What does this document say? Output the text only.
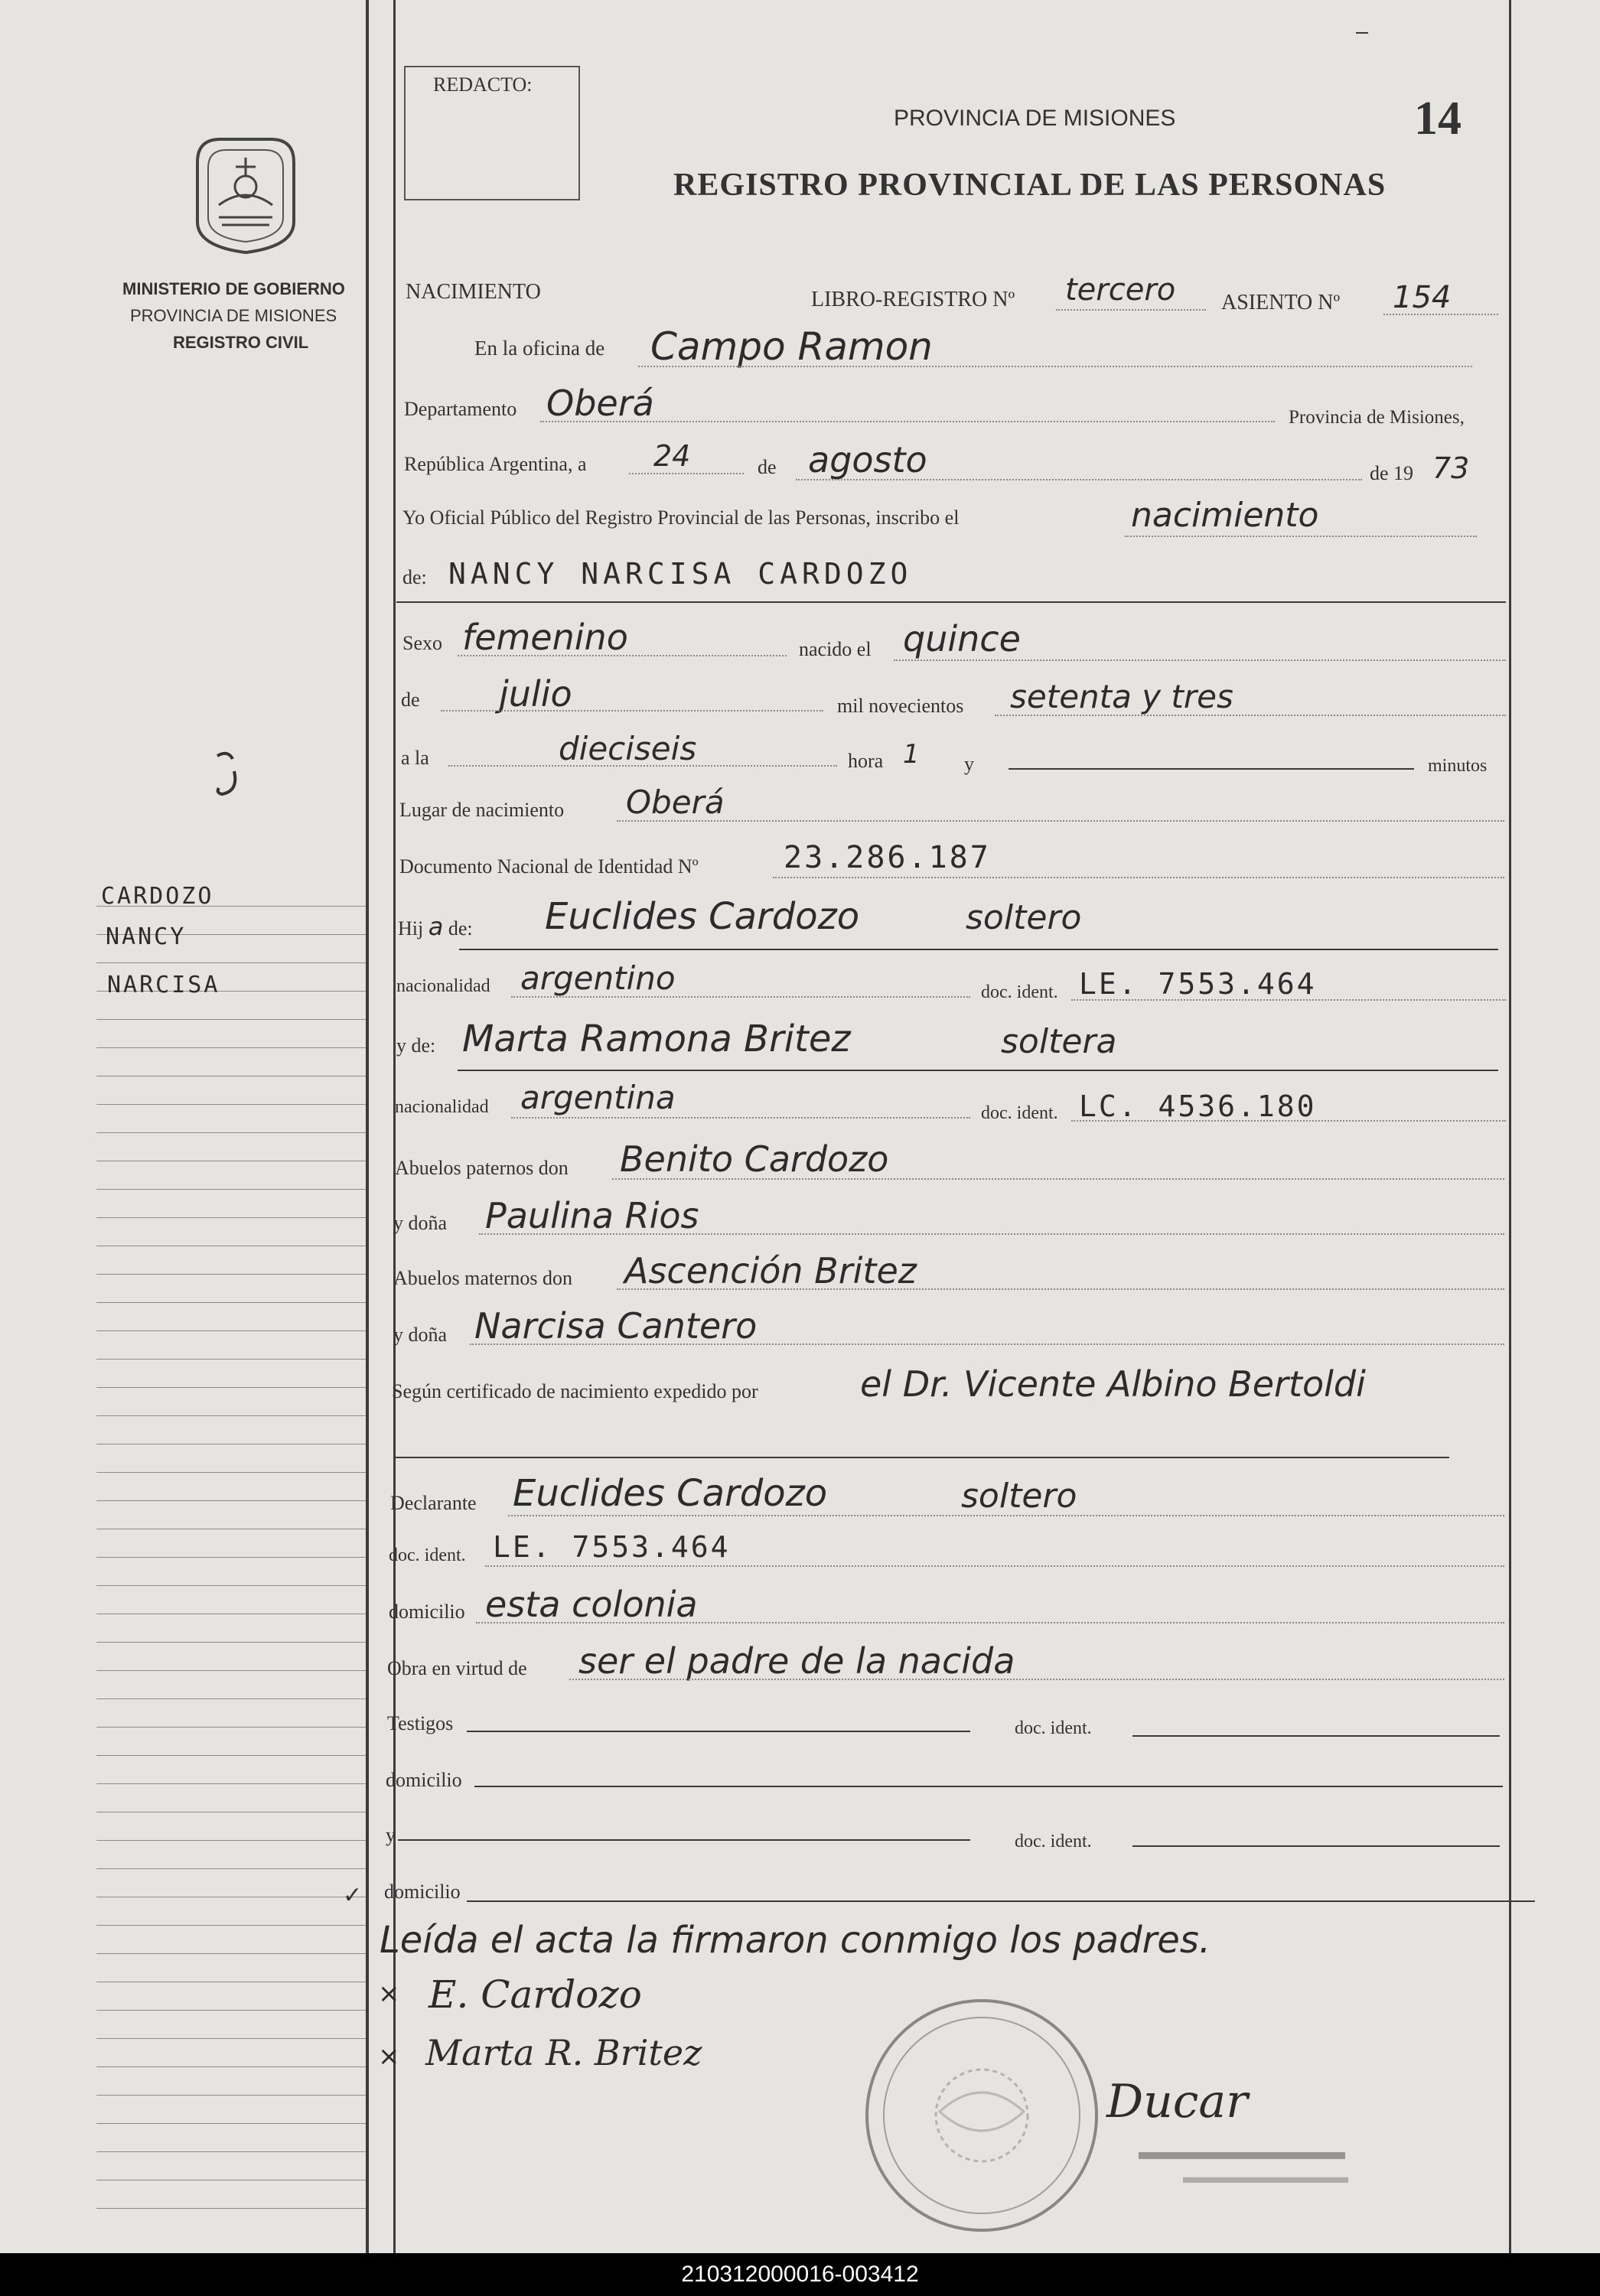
MINISTERIO DE GOBIERNO
PROVINCIA DE MISIONES
REGISTRO CIVIL
CARDOZO
NANCY
NARCISA
REDACTO:
PROVINCIA DE MISIONES
REGISTRO PROVINCIAL DE LAS PERSONAS
14
NACIMIENTO	LIBRO-REGISTRO Nº tercero ASIENTO Nº 154
En la oficina de Campo Ramon
Departamento Oberá	Provincia de Misiones,
República Argentina, a 24	de agosto	de 19 73
Yo Oficial Público del Registro Provincial de las Personas, inscribo el	nacimiento
de: NANCY NARCISA CARDOZO
Sexo femenino	nacido el quince
de julio	mil novecientos setenta y tres
a la	dieciseis	hora 1 y	minutos
Lugar de nacimiento Oberá
Documento Nacional de Identidad Nº	23.286.187
Hij a de: Euclides Cardozo	soltero
nacionalidad argentino	doc. ident. LE. 7553.464
y de: Marta Ramona Britez	soltera
nacionalidad argentina	doc. ident. LC. 4536.180
Abuelos paternos don Benito Cardozo
y doña Paulina Rios
Abuelos maternos don Ascención Britez
y doña Narcisa Cantero
Según certificado de nacimiento expedido por	el Dr. Vicente Albino Bertoldi
Declarante Euclides Cardozo	soltero
doc. ident. LE. 7553.464
domicilio esta colonia
Obra en virtud de ser el padre de la nacida
Testigos	doc. ident.
domicilio
y	doc. ident.
domicilio
Leída el acta la firmaron conmigo los padres.
× E. Cardozo
× Marta R. Britez
Ducar
▬▬▬▬▬▬▬▬▬
▬▬▬▬▬▬▬▬▬
✓
210312000016-003412
